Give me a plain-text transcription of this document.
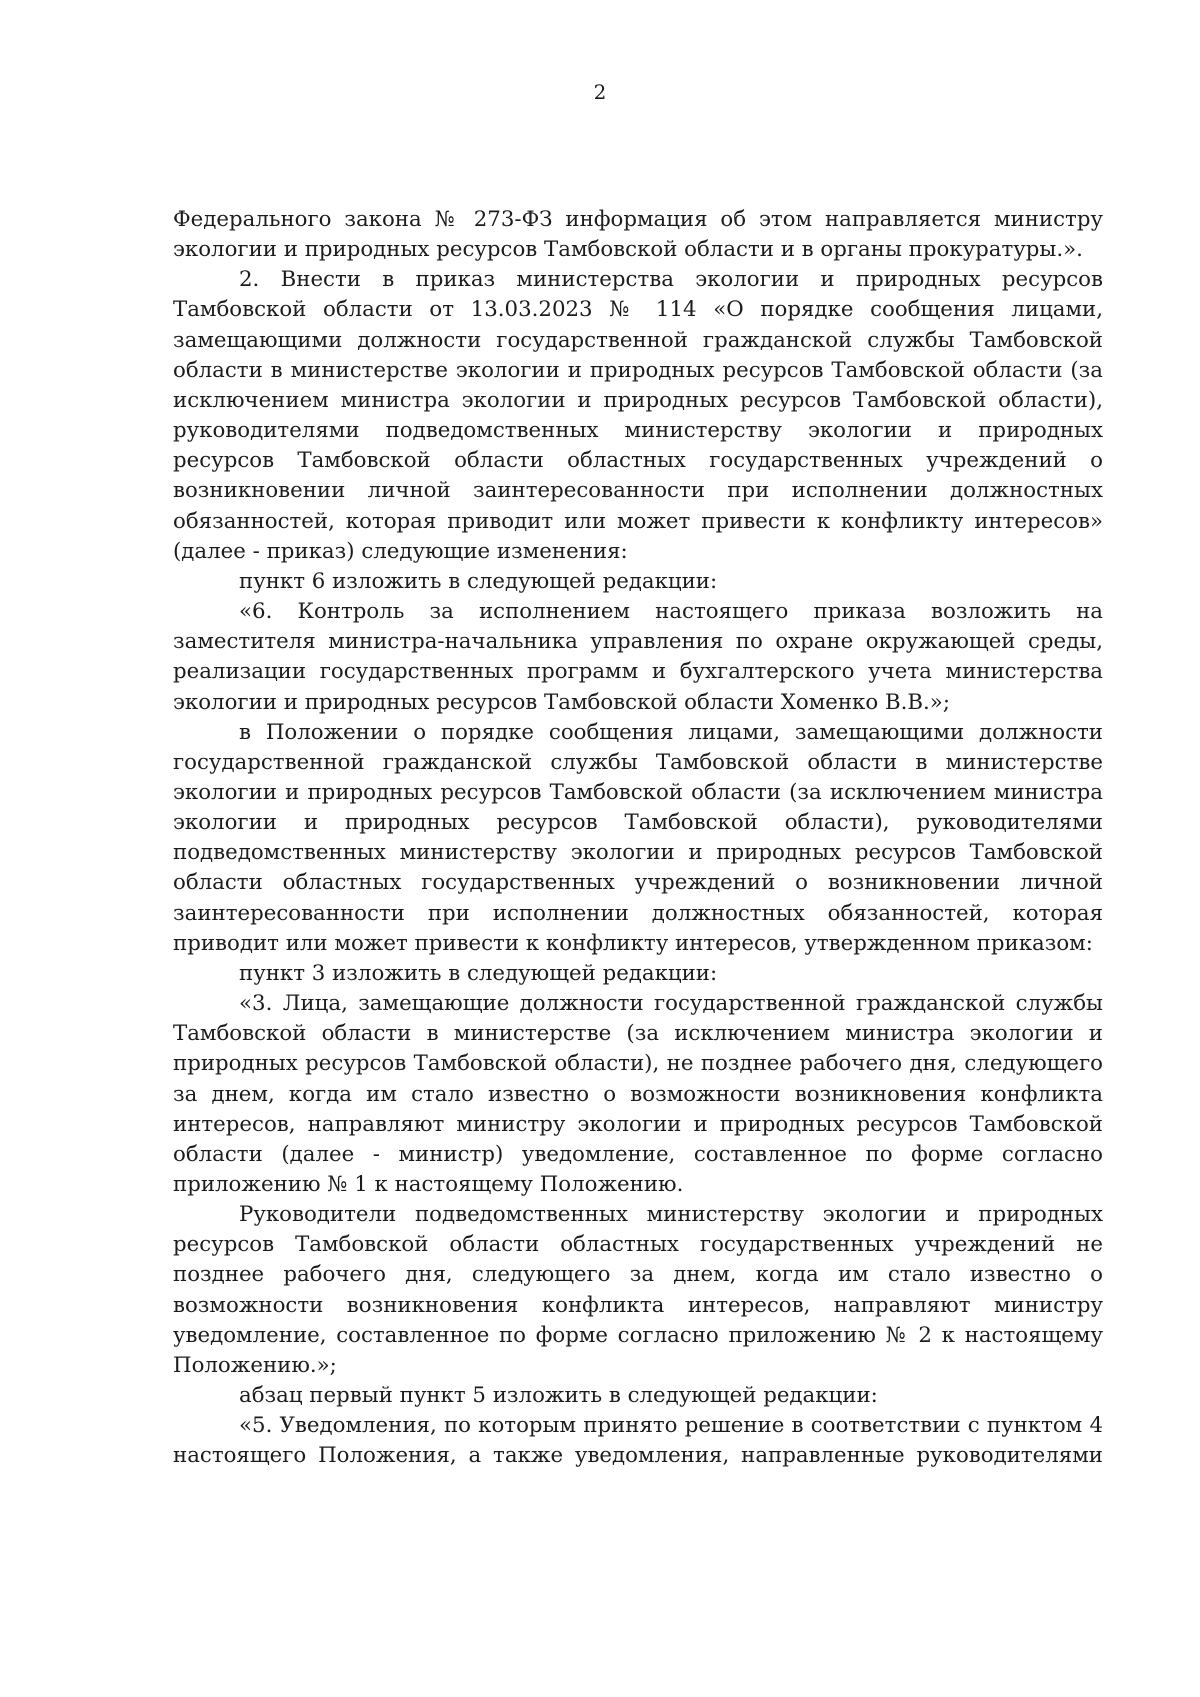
2

Федерального закона № 273-ФЗ информация об этом направляется министру экологии и природных ресурсов Тамбовской области и в органы прокуратуры.».

2. Внести в приказ министерства экологии и природных ресурсов Тамбовской области от 13.03.2023 № 114 «О порядке сообщения лицами, замещающими должности государственной гражданской службы Тамбовской области в министерстве экологии и природных ресурсов Тамбовской области (за исключением министра экологии и природных ресурсов Тамбовской области), руководителями подведомственных министерству экологии и природных ресурсов Тамбовской области областных государственных учреждений о возникновении личной заинтересованности при исполнении должностных обязанностей, которая приводит или может привести к конфликту интересов» (далее - приказ) следующие изменения:

пункт 6 изложить в следующей редакции:

«6. Контроль за исполнением настоящего приказа возложить на заместителя министра-начальника управления по охране окружающей среды, реализации государственных программ и бухгалтерского учета министерства экологии и природных ресурсов Тамбовской области Хоменко В.В.»;

в Положении о порядке сообщения лицами, замещающими должности государственной гражданской службы Тамбовской области в министерстве экологии и природных ресурсов Тамбовской области (за исключением министра экологии и природных ресурсов Тамбовской области), руководителями подведомственных министерству экологии и природных ресурсов Тамбовской области областных государственных учреждений о возникновении личной заинтересованности при исполнении должностных обязанностей, которая приводит или может привести к конфликту интересов, утвержденном приказом:

пункт 3 изложить в следующей редакции:

«3. Лица, замещающие должности государственной гражданской службы Тамбовской области в министерстве (за исключением министра экологии и природных ресурсов Тамбовской области), не позднее рабочего дня, следующего за днем, когда им стало известно о возможности возникновения конфликта интересов, направляют министру экологии и природных ресурсов Тамбовской области (далее - министр) уведомление, составленное по форме согласно приложению № 1 к настоящему Положению.

Руководители подведомственных министерству экологии и природных ресурсов Тамбовской области областных государственных учреждений не позднее рабочего дня, следующего за днем, когда им стало известно о возможности возникновения конфликта интересов, направляют министру уведомление, составленное по форме согласно приложению № 2 к настоящему Положению.»;

абзац первый пункт 5 изложить в следующей редакции:

«5. Уведомления, по которым принято решение в соответствии с пунктом 4 настоящего Положения, а также уведомления, направленные руководителями
